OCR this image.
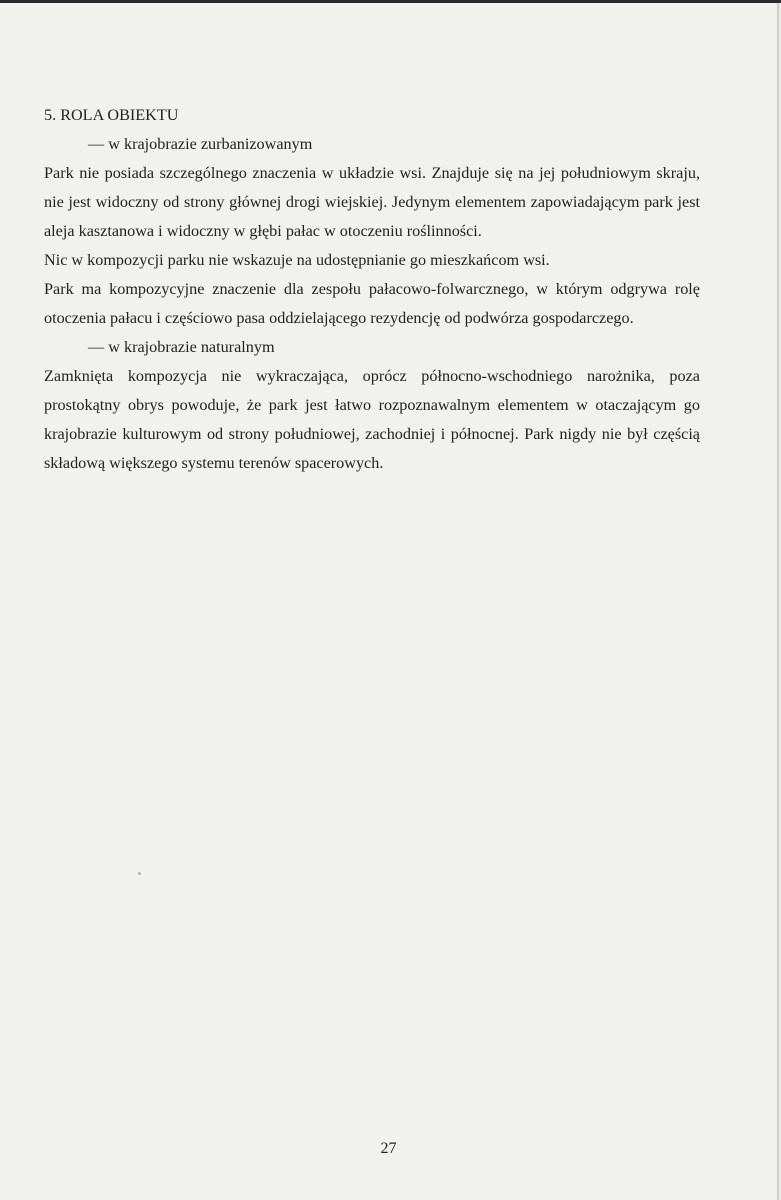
5. ROLA OBIEKTU

— w krajobrazie zurbanizowanym

Park nie posiada szczególnego znaczenia w układzie wsi. Znajduje się na jej południowym skraju, nie jest widoczny od strony głównej drogi wiejskiej. Jedynym elementem zapowiadającym park jest aleja kasztanowa i widoczny w głębi pałac w otoczeniu roślinności.

Nic w kompozycji parku nie wskazuje na udostępnianie go mieszkańcom wsi.

Park ma kompozycyjne znaczenie dla zespołu pałacowo-folwarcznego, w którym odgrywa rolę otoczenia pałacu i częściowo pasa oddzielającego rezydencję od podwórza gospodarczego.

— w krajobrazie naturalnym

Zamknięta kompozycja nie wykraczająca, oprócz północno-wschodniego narożnika, poza prostokątny obrys powoduje, że park jest łatwo rozpoznawalnym elementem w otaczającym go krajobrazie kulturowym od strony południowej, zachodniej i północnej. Park nigdy nie był częścią składową większego systemu terenów spacerowych.

27
